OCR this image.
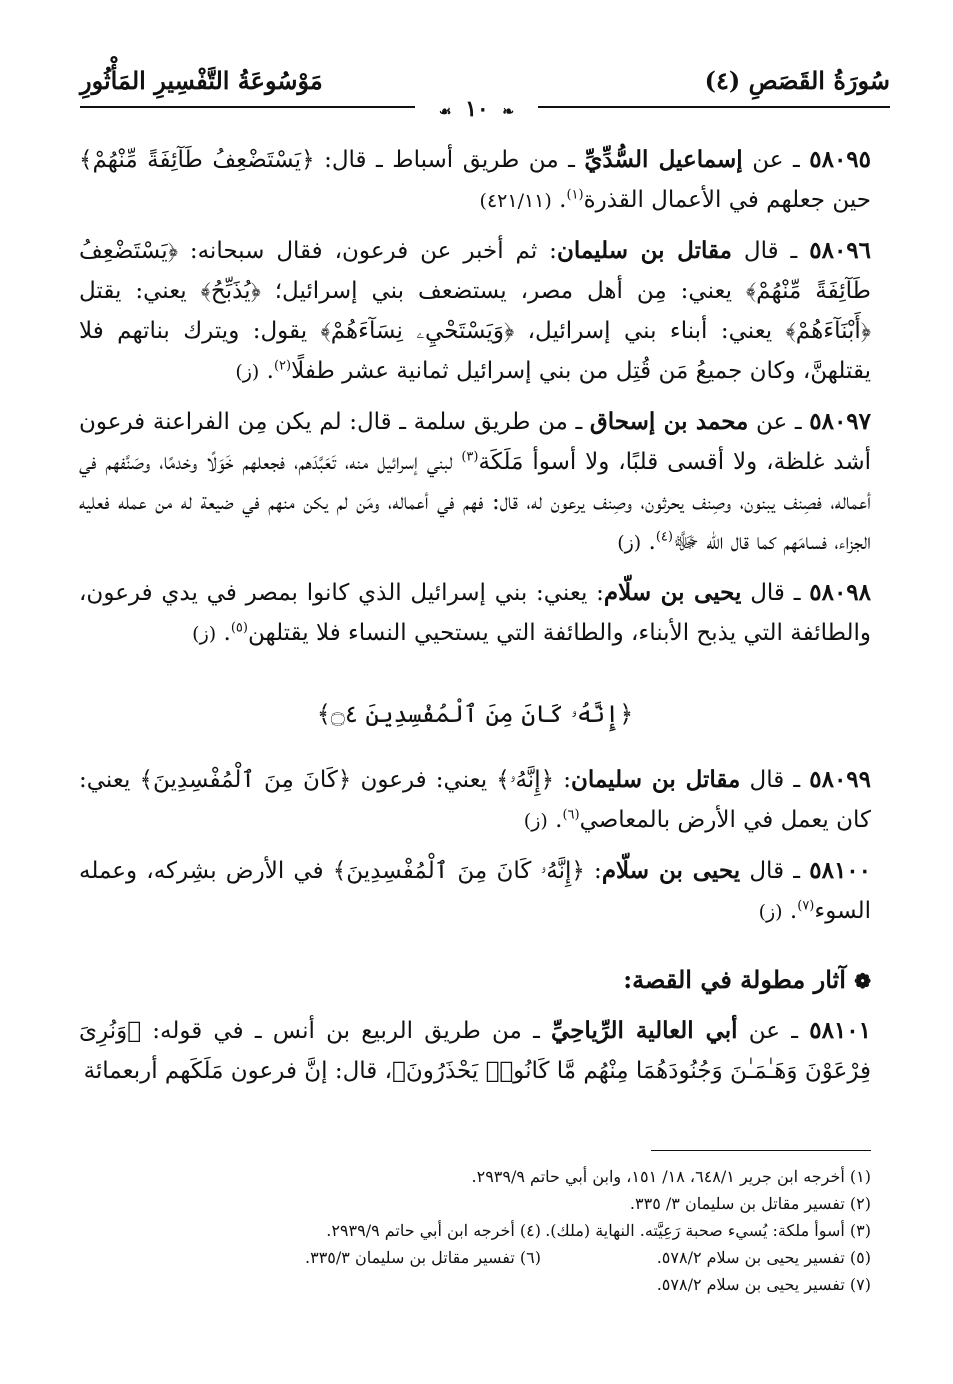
سُورَةُ القَصَصِ (٤)
مَوْسُوعَةُ التَّفْسِيرِ المَأْثُورِ
❧ ١٠ ☙

٥٨٠٩٥ ـ عن إسماعيل السُّدِّيِّ ـ من طريق أسباط ـ قال: ﴿يَسْتَضْعِفُ طَآئِفَةً مِّنْهُمْ﴾ حين جعلهم في الأعمال القذرة$^{(١)}$. (٤٢١/١١)

٥٨٠٩٦ ـ قال مقاتل بن سليمان: ثم أخبر عن فرعون، فقال سبحانه: ﴿يَسْتَضْعِفُ طَآئِفَةً مِّنْهُمْ﴾ يعني: مِن أهل مصر، يستضعف بني إسرائيل؛ ﴿يُذَبِّحُ﴾ يعني: يقتل ﴿أَبْنَآءَهُمْ﴾ يعني: أبناء بني إسرائيل، ﴿وَيَسْتَحْيِۦ نِسَآءَهُمْ﴾ يقول: ويترك بناتهم فلا يقتلهنَّ، وكان جميعُ مَن قُتِل من بني إسرائيل ثمانية عشر طفلًا$^{(٢)}$. (ز)

٥٨٠٩٧ ـ عن محمد بن إسحاق ـ من طريق سلمة ـ قال: لم يكن مِن الفراعنة فرعون أشد غلظة، ولا أقسى قلبًا، ولا أسوأ مَلَكَة$^{(٣)}$ لبني إسرائيل منه، تَعَبَّدَهم، فجعلهم خَوَلًا وخدمًا، وصَنَّفهم في أعماله، فصِنف يبنون، وصِنف يحرثون، وصِنف يرعون له، قال: فهم في أعماله، ومَن لم يكن منهم في ضيعة له من عمله فعليه الجزاء، فسامَهم كما قال الله ﷻ$^{(٤)}$. (ز)

٥٨٠٩٨ ـ قال يحيى بن سلّام: يعني: بني إسرائيل الذي كانوا بمصر في يدي فرعون، والطائفة التي يذبح الأبناء، والطائفة التي يستحيي النساء فلا يقتلهن$^{(٥)}$. (ز)

﴿إِنَّهُۥ كَانَ مِنَ ٱلْمُفْسِدِينَ ۝٤﴾

٥٨٠٩٩ ـ قال مقاتل بن سليمان: ﴿إِنَّهُۥ﴾ يعني: فرعون ﴿كَانَ مِنَ ٱلْمُفْسِدِينَ﴾ يعني: كان يعمل في الأرض بالمعاصي$^{(٦)}$. (ز)

٥٨١٠٠ ـ قال يحيى بن سلّام: ﴿إِنَّهُۥ كَانَ مِنَ ٱلْمُفْسِدِينَ﴾ في الأرض بشِركه، وعمله السوء$^{(٧)}$. (ز)

❁ آثار مطولة في القصة:

٥٨١٠١ ـ عن أبي العالية الرِّياحِيِّ ـ من طريق الربيع بن أنس ـ في قوله: ﴿وَنُرِىَ فِرْعَوْنَ وَهَـٰمَـٰنَ وَجُنُودَهُمَا مِنْهُم مَّا كَانُوا۟ يَحْذَرُونَ﴾، قال: إنَّ فرعون مَلَكَهم أربعمائة

(١) أخرجه ابن جرير ٦٤٨/١، ١٨/ ١٥١، وابن أبي حاتم ٢٩٣٩/٩.
(٢) تفسير مقاتل بن سليمان ٣/ ٣٣٥.
(٣) أسوأ ملكة: يُسيء صحبة رَعِيَّته. النهاية (ملك).
(٤) أخرجه ابن أبي حاتم ٢٩٣٩/٩.
(٥) تفسير يحيى بن سلام ٥٧٨/٢.
(٦) تفسير مقاتل بن سليمان ٣٣٥/٣.
(٧) تفسير يحيى بن سلام ٥٧٨/٢.
